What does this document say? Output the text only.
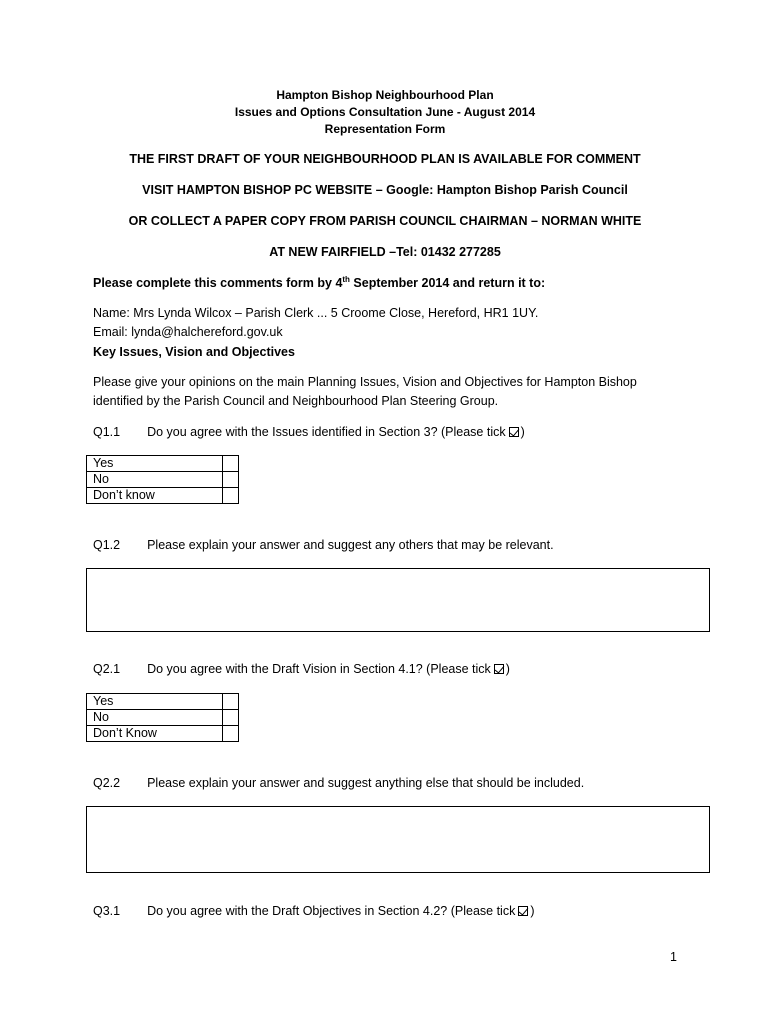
Hampton Bishop Neighbourhood Plan
Issues and Options Consultation June - August 2014
Representation Form
THE FIRST DRAFT OF YOUR NEIGHBOURHOOD PLAN IS AVAILABLE FOR COMMENT
VISIT HAMPTON BISHOP PC WEBSITE – Google: Hampton Bishop Parish Council
OR COLLECT A PAPER COPY FROM PARISH COUNCIL CHAIRMAN – NORMAN WHITE
AT NEW FAIRFIELD –Tel: 01432 277285
Please complete this comments form by 4th September 2014 and return it to:
Name: Mrs Lynda Wilcox – Parish Clerk ... 5 Croome Close, Hereford, HR1 1UY.
Email: lynda@halchereford.gov.uk
Key Issues, Vision and Objectives
Please give your opinions on the main Planning Issues, Vision and Objectives for Hampton Bishop
identified by the Parish Council and Neighbourhood Plan Steering Group.
Q1.1 Do you agree with the Issues identified in Section 3? (Please tick )
Yes	
No	
Don’t know	
Q1.2 Please explain your answer and suggest any others that may be relevant.
Q2.1 Do you agree with the Draft Vision in Section 4.1? (Please tick )
Yes	
No	
Don’t Know	
Q2.2 Please explain your answer and suggest anything else that should be included.
Q3.1 Do you agree with the Draft Objectives in Section 4.2? (Please tick )
1
